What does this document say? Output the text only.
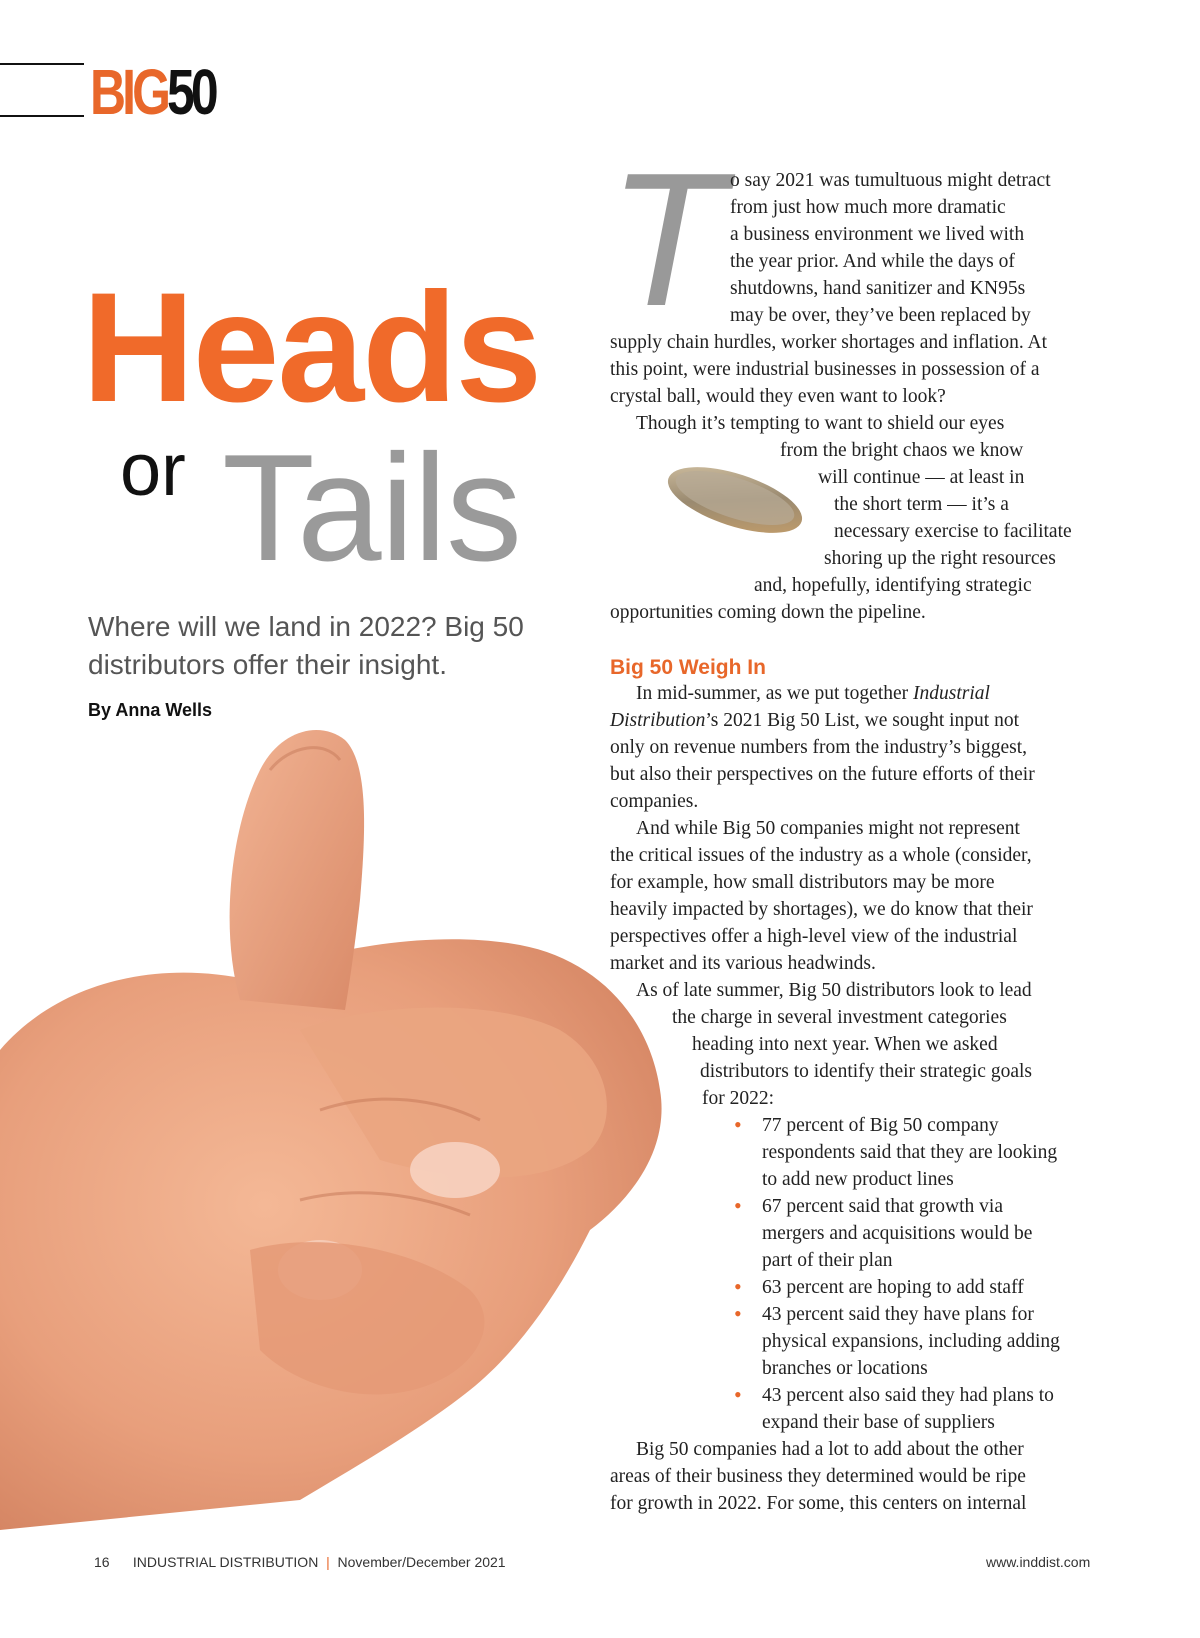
BIG50
Heads
or Tails
Where will we land in 2022? Big 50 distributors offer their insight.
By Anna Wells
T o say 2021 was tumultuous might detract
from just how much more dramatic
a business environment we lived with
the year prior. And while the days of
shutdowns, hand sanitizer and KN95s
may be over, they’ve been replaced by
supply chain hurdles, worker shortages and inflation. At
this point, were industrial businesses in possession of a
crystal ball, would they even want to look?
Though it’s tempting to want to shield our eyes
from the bright chaos we know
will continue — at least in
the short term — it’s a
necessary exercise to facilitate
shoring up the right resources
and, hopefully, identifying strategic
opportunities coming down the pipeline.
Big 50 Weigh In
In mid-summer, as we put together Industrial
Distribution’s 2021 Big 50 List, we sought input not
only on revenue numbers from the industry’s biggest,
but also their perspectives on the future efforts of their
companies.
And while Big 50 companies might not represent
the critical issues of the industry as a whole (consider,
for example, how small distributors may be more
heavily impacted by shortages), we do know that their
perspectives offer a high-level view of the industrial
market and its various headwinds.
As of late summer, Big 50 distributors look to lead
the charge in several investment categories
heading into next year. When we asked
distributors to identify their strategic goals
for 2022:
• 77 percent of Big 50 company
respondents said that they are looking
to add new product lines
• 67 percent said that growth via
mergers and acquisitions would be
part of their plan
• 63 percent are hoping to add staff
• 43 percent said they have plans for
physical expansions, including adding
branches or locations
• 43 percent also said they had plans to
expand their base of suppliers
Big 50 companies had a lot to add about the other
areas of their business they determined would be ripe
for growth in 2022. For some, this centers on internal
16 INDUSTRIAL DISTRIBUTION | November/December 2021	www.inddist.com
